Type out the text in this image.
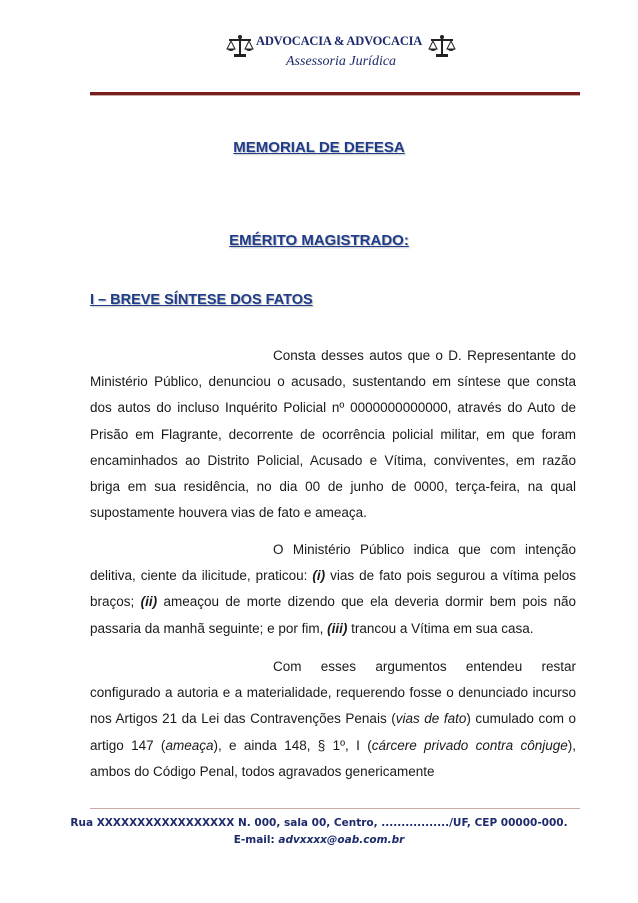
ADVOCACIA & ADVOCACIA
Assessoria Jurídica
MEMORIAL DE DEFESA
EMÉRITO MAGISTRADO:
I – BREVE SÍNTESE DOS FATOS

Consta desses autos que o D. Representante do Ministério Público, denunciou o acusado, sustentando em síntese que consta dos autos do incluso Inquérito Policial nº 0000000000000, através do Auto de Prisão em Flagrante, decorrente de ocorrência policial militar, em que foram encaminhados ao Distrito Policial, Acusado e Vítima, conviventes, em razão briga em sua residência, no dia 00 de junho de 0000, terça-feira, na qual supostamente houvera vias de fato e ameaça.

O Ministério Público indica que com intenção delitiva, ciente da ilicitude, praticou: (i) vias de fato pois segurou a vítima pelos braços; (ii) ameaçou de morte dizendo que ela deveria dormir bem pois não passaria da manhã seguinte; e por fim, (iii) trancou a Vítima em sua casa.

Com esses argumentos entendeu restar configurado a autoria e a materialidade, requerendo fosse o denunciado incurso nos Artigos 21 da Lei das Contravenções Penais (vias de fato) cumulado com o artigo 147 (ameaça), e ainda 148, § 1º, I (cárcere privado contra cônjuge), ambos do Código Penal, todos agravados genericamente

Rua XXXXXXXXXXXXXXXXX N. 000, sala 00, Centro, ................./UF, CEP 00000-000.
E-mail: advxxxx@oab.com.br
